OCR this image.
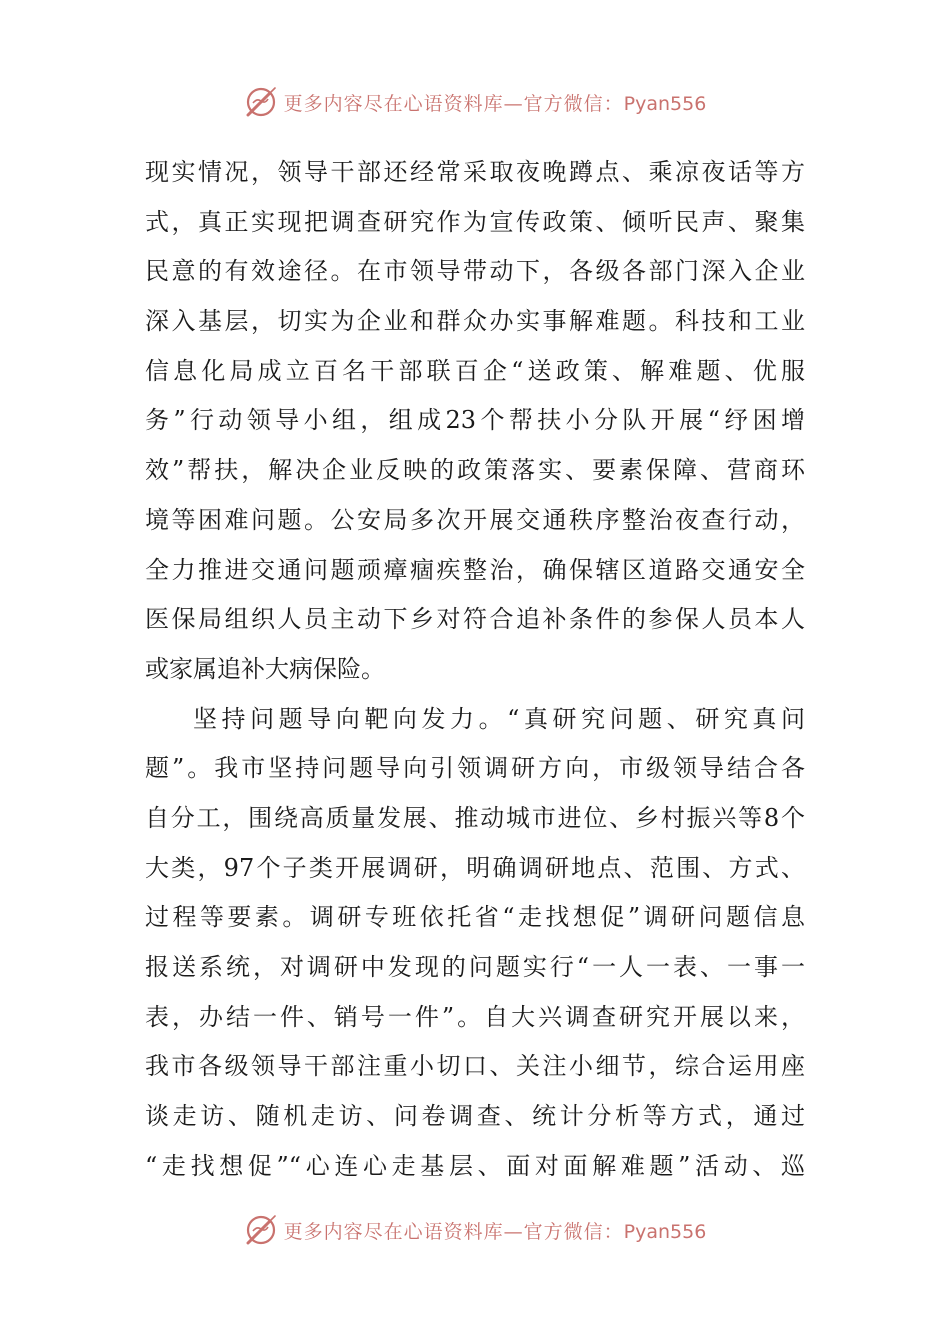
更多内容尽在心语资料库—官方微信：Pyan556
现实情况，领导干部还经常采取夜晚蹲点、乘凉夜话等方
式，真正实现把调查研究作为宣传政策、倾听民声、聚集
民意的有效途径。在市领导带动下，各级各部门深入企业
深入基层，切实为企业和群众办实事解难题。科技和工业
信息化局成立百名干部联百企“送政策、解难题、优服
务”行动领导小组，组成23个帮扶小分队开展“纾困增
效”帮扶，解决企业反映的政策落实、要素保障、营商环
境等困难问题。公安局多次开展交通秩序整治夜查行动，
全力推进交通问题顽瘴痼疾整治，确保辖区道路交通安全
医保局组织人员主动下乡对符合追补条件的参保人员本人
或家属追补大病保险。
坚持问题导向靶向发力。“真研究问题、研究真问
题”。我市坚持问题导向引领调研方向，市级领导结合各
自分工，围绕高质量发展、推动城市进位、乡村振兴等8个
大类，97个子类开展调研，明确调研地点、范围、方式、
过程等要素。调研专班依托省“走找想促”调研问题信息
报送系统，对调研中发现的问题实行“一人一表、一事一
表，办结一件、销号一件”。自大兴调查研究开展以来，
我市各级领导干部注重小切口、关注小细节，综合运用座
谈走访、随机走访、问卷调查、统计分析等方式，通过
“走找想促”“心连心走基层、面对面解难题”活动、巡
更多内容尽在心语资料库—官方微信：Pyan556
